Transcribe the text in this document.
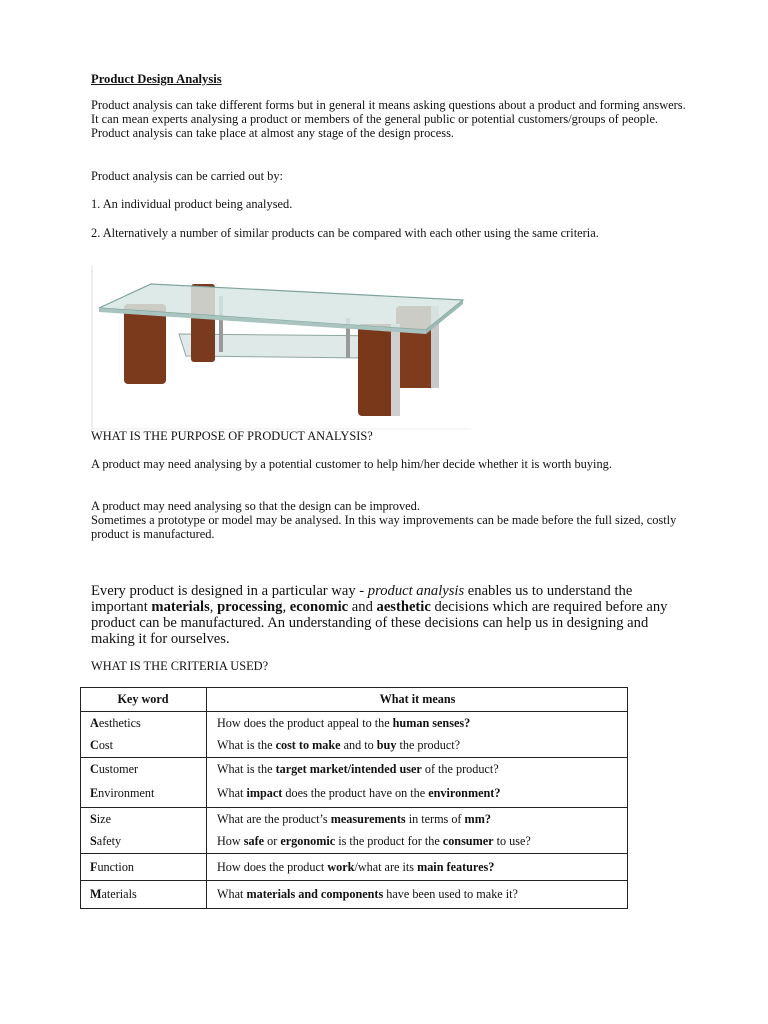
Product Design Analysis

Product analysis can take different forms but in general it means asking questions about a product and forming answers. It can mean experts analysing a product or members of the general public or potential customers/groups of people. Product analysis can take place at almost any stage of the design process.

Product analysis can be carried out by:

1. An individual product being analysed.

2. Alternatively a number of similar products can be compared with each other using the same criteria.

WHAT IS THE PURPOSE OF PRODUCT ANALYSIS?

A product may need analysing by a potential customer to help him/her decide whether it is worth buying.

A product may need analysing so that the design can be improved.

Sometimes a prototype or model may be analysed. In this way improvements can be made before the full sized, costly product is manufactured.

Every product is designed in a particular way - product analysis enables us to understand the important materials, processing, economic and aesthetic decisions which are required before any product can be manufactured. An understanding of these decisions can help us in designing and making it for ourselves.

WHAT IS THE CRITERIA USED?

Key word	What it means
Aesthetics	How does the product appeal to the human senses?
Cost	What is the cost to make and to buy the product?
Customer	What is the target market/intended user of the product?
Environment	What impact does the product have on the environment?
Size	What are the product’s measurements in terms of mm?
Safety	How safe or ergonomic is the product for the consumer to use?
Function	How does the product work/what are its main features?
Materials	What materials and components have been used to make it?
